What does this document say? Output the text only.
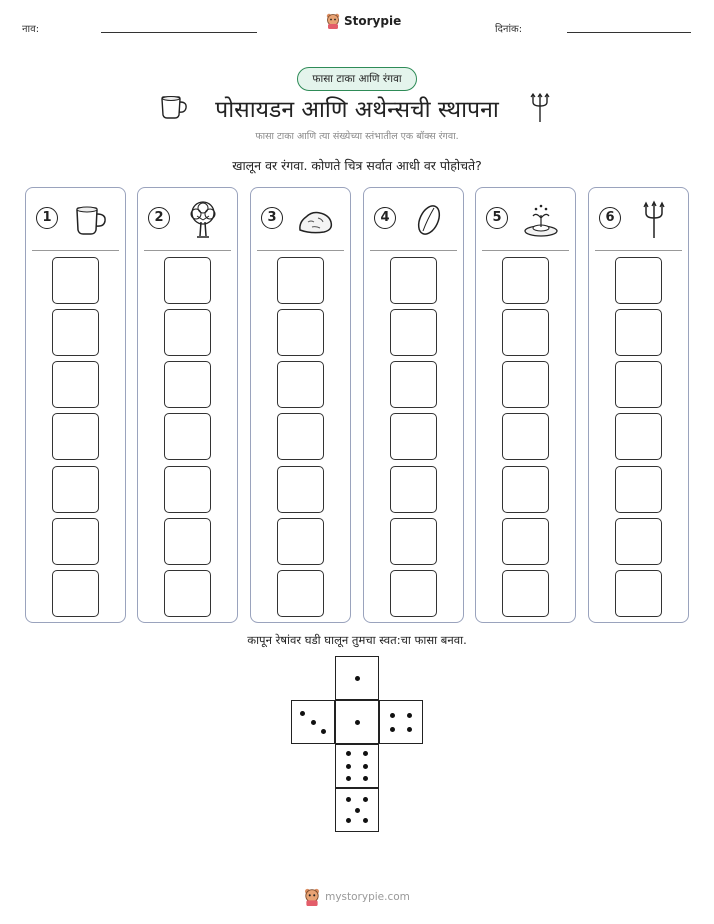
नाव:
Storypie
दिनांक:
फासा टाका आणि रंगवा
पोसायडन आणि अथेन्सची स्थापना
फासा टाका आणि त्या संख्येच्या स्तंभातील एक बॉक्स रंगवा.
खालून वर रंगवा. कोणते चित्र सर्वात आधी वर पोहोचते?
1	2	3	4	5	6
कापून रेषांवर घडी घालून तुमचा स्वत:चा फासा बनवा.
mystorypie.com
